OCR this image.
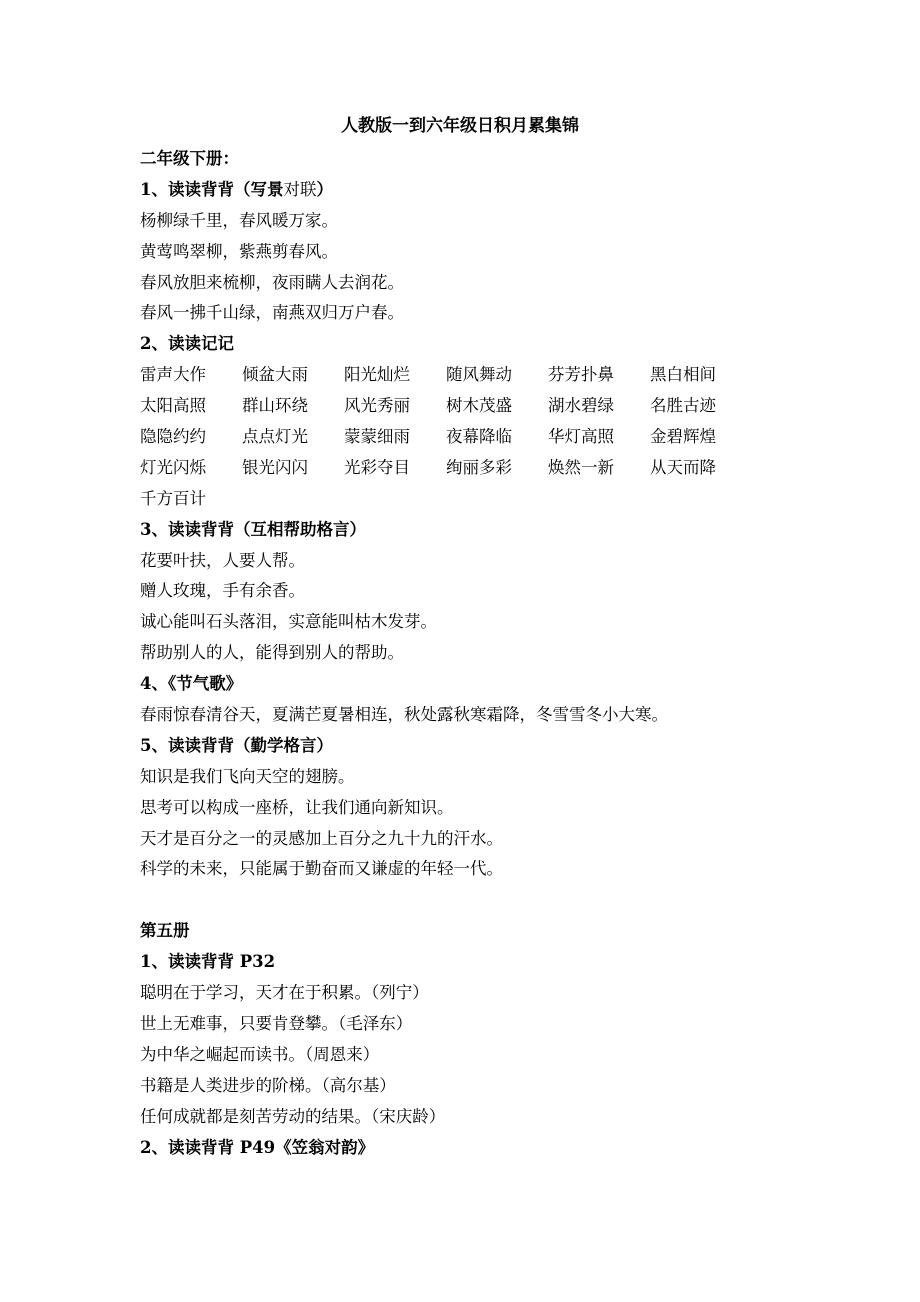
人教版一到六年级日积月累集锦
二年级下册：
1、读读背背（写景对联）
杨柳绿千里，春风暖万家。
黄莺鸣翠柳，紫燕剪春风。
春风放胆来梳柳，夜雨瞒人去润花。
春风一拂千山绿，南燕双归万户春。
2、读读记记
雷声大作	倾盆大雨	阳光灿烂	随风舞动	芬芳扑鼻	黑白相间
太阳高照	群山环绕	风光秀丽	树木茂盛	湖水碧绿	名胜古迹
隐隐约约	点点灯光	蒙蒙细雨	夜幕降临	华灯高照	金碧辉煌
灯光闪烁	银光闪闪	光彩夺目	绚丽多彩	焕然一新	从天而降
千方百计
3、读读背背（互相帮助格言）
花要叶扶，人要人帮。
赠人玫瑰，手有余香。
诚心能叫石头落泪，实意能叫枯木发芽。
帮助别人的人，能得到别人的帮助。
4、《节气歌》
春雨惊春清谷天，夏满芒夏暑相连，秋处露秋寒霜降，冬雪雪冬小大寒。
5、读读背背（勤学格言）
知识是我们飞向天空的翅膀。
思考可以构成一座桥，让我们通向新知识。
天才是百分之一的灵感加上百分之九十九的汗水。
科学的未来，只能属于勤奋而又谦虚的年轻一代。
第五册
1、读读背背 P32
聪明在于学习，天才在于积累。（列宁）
世上无难事，只要肯登攀。（毛泽东）
为中华之崛起而读书。（周恩来）
书籍是人类进步的阶梯。（高尔基）
任何成就都是刻苦劳动的结果。（宋庆龄）
2、读读背背 P49《笠翁对韵》
